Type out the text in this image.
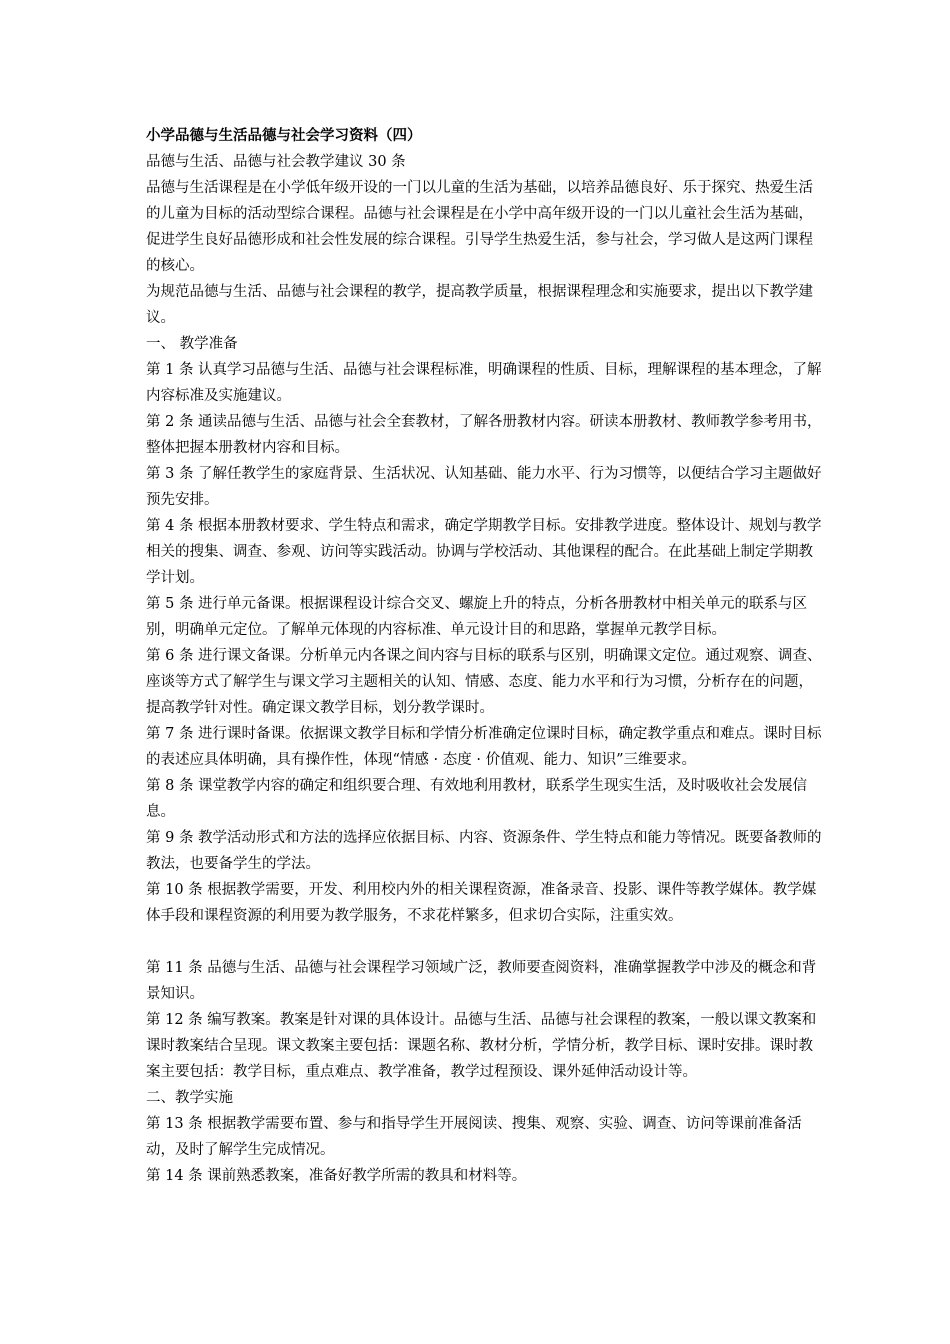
小学品德与生活品德与社会学习资料（四）

品德与生活、品德与社会教学建议 30 条

品德与生活课程是在小学低年级开设的一门以儿童的生活为基础，以培养品德良好、乐于探究、热爱生活的儿童为目标的活动型综合课程。品德与社会课程是在小学中高年级开设的一门以儿童社会生活为基础，促进学生良好品德形成和社会性发展的综合课程。引导学生热爱生活，参与社会，学习做人是这两门课程的核心。

为规范品德与生活、品德与社会课程的教学，提高教学质量，根据课程理念和实施要求，提出以下教学建议。

一、 教学准备

第 1 条 认真学习品德与生活、品德与社会课程标准，明确课程的性质、目标，理解课程的基本理念，了解内容标准及实施建议。

第 2 条 通读品德与生活、品德与社会全套教材，了解各册教材内容。研读本册教材、教师教学参考用书，整体把握本册教材内容和目标。

第 3 条 了解任教学生的家庭背景、生活状况、认知基础、能力水平、行为习惯等，以便结合学习主题做好预先安排。

第 4 条 根据本册教材要求、学生特点和需求，确定学期教学目标。安排教学进度。整体设计、规划与教学相关的搜集、调查、参观、访问等实践活动。协调与学校活动、其他课程的配合。在此基础上制定学期教学计划。

第 5 条 进行单元备课。根据课程设计综合交叉、螺旋上升的特点，分析各册教材中相关单元的联系与区别，明确单元定位。了解单元体现的内容标准、单元设计目的和思路，掌握单元教学目标。

第 6 条 进行课文备课。分析单元内各课之间内容与目标的联系与区别，明确课文定位。通过观察、调查、座谈等方式了解学生与课文学习主题相关的认知、情感、态度、能力水平和行为习惯，分析存在的问题，提高教学针对性。确定课文教学目标，划分教学课时。

第 7 条 进行课时备课。依据课文教学目标和学情分析准确定位课时目标，确定教学重点和难点。课时目标的表述应具体明确，具有操作性，体现“情感 · 态度 · 价值观、能力、知识”三维要求。

第 8 条 课堂教学内容的确定和组织要合理、有效地利用教材，联系学生现实生活，及时吸收社会发展信息。

第 9 条 教学活动形式和方法的选择应依据目标、内容、资源条件、学生特点和能力等情况。既要备教师的教法，也要备学生的学法。

第 10 条 根据教学需要，开发、利用校内外的相关课程资源，准备录音、投影、课件等教学媒体。教学媒体手段和课程资源的利用要为教学服务，不求花样繁多，但求切合实际，注重实效。

第 11 条 品德与生活、品德与社会课程学习领域广泛，教师要查阅资料，准确掌握教学中涉及的概念和背景知识。

第 12 条 编写教案。教案是针对课的具体设计。品德与生活、品德与社会课程的教案，一般以课文教案和课时教案结合呈现。课文教案主要包括：课题名称、教材分析，学情分析，教学目标、课时安排。课时教案主要包括：教学目标，重点难点、教学准备，教学过程预设、课外延伸活动设计等。

二、教学实施

第 13 条 根据教学需要布置、参与和指导学生开展阅读、搜集、观察、实验、调查、访问等课前准备活动，及时了解学生完成情况。

第 14 条 课前熟悉教案，准备好教学所需的教具和材料等。
